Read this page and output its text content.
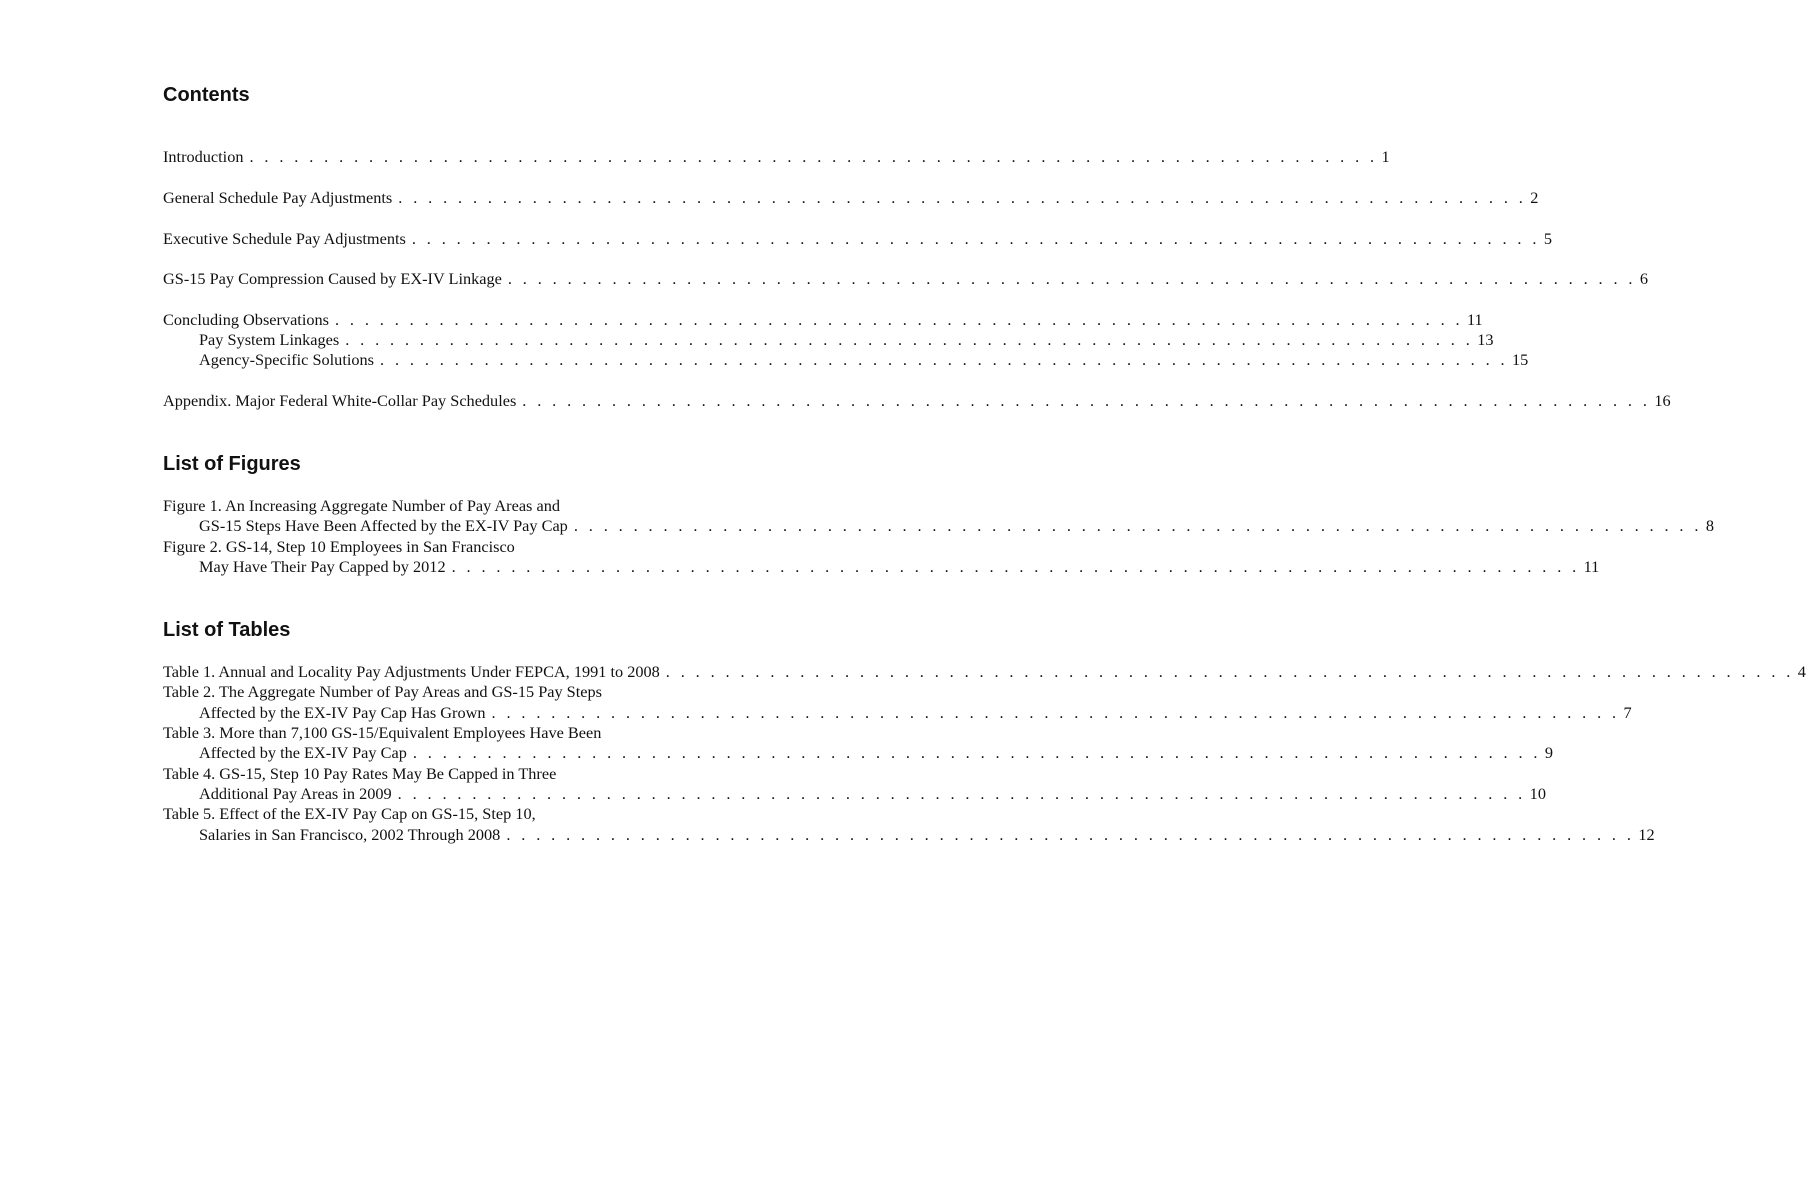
Contents
Introduction . . . . . . . . . . . . . . . . . . . . . . . . . . . . . . . . . . . . . . . . . . . . . . . . . . . . . . . . . . . . . . . . . . . . . . . . . . . . 1
General Schedule Pay Adjustments . . . . . . . . . . . . . . . . . . . . . . . . . . . . . . . . . . . . . . . . . . . . . . . . . . . . . . . . . . . . . . . . . . . . . . . . . . . . 2
Executive Schedule Pay Adjustments . . . . . . . . . . . . . . . . . . . . . . . . . . . . . . . . . . . . . . . . . . . . . . . . . . . . . . . . . . . . . . . . . . . . . . . . . . . . 5
GS-15 Pay Compression Caused by EX-IV Linkage . . . . . . . . . . . . . . . . . . . . . . . . . . . . . . . . . . . . . . . . . . . . . . . . . . . . . . . . . . . . . . . . . . . . . . . . . . . . 6
Concluding Observations . . . . . . . . . . . . . . . . . . . . . . . . . . . . . . . . . . . . . . . . . . . . . . . . . . . . . . . . . . . . . . . . . . . . . . . . . . . . 11
Pay System Linkages . . . . . . . . . . . . . . . . . . . . . . . . . . . . . . . . . . . . . . . . . . . . . . . . . . . . . . . . . . . . . . . . . . . . . . . . . . . . 13
Agency-Specific Solutions . . . . . . . . . . . . . . . . . . . . . . . . . . . . . . . . . . . . . . . . . . . . . . . . . . . . . . . . . . . . . . . . . . . . . . . . . . . . 15
Appendix. Major Federal White-Collar Pay Schedules . . . . . . . . . . . . . . . . . . . . . . . . . . . . . . . . . . . . . . . . . . . . . . . . . . . . . . . . . . . . . . . . . . . . . . . . . . . . 16
List of Figures
Figure 1. An Increasing Aggregate Number of Pay Areas and
GS-15 Steps Have Been Affected by the EX-IV Pay Cap . . . . . . . . . . . . . . . . . . . . . . . . . . . . . . . . . . . . . . . . . . . . . . . . . . . . . . . . . . . . . . . . . . . . . . . . . . . . 8
Figure 2. GS-14, Step 10 Employees in San Francisco
May Have Their Pay Capped by 2012 . . . . . . . . . . . . . . . . . . . . . . . . . . . . . . . . . . . . . . . . . . . . . . . . . . . . . . . . . . . . . . . . . . . . . . . . . . . . 11
List of Tables
Table 1. Annual and Locality Pay Adjustments Under FEPCA, 1991 to 2008 . . . . . . . . . . . . . . . . . . . . . . . . . . . . . . . . . . . . . . . . . . . . . . . . . . . . . . . . . . . . . . . . . . . . . . . . . . . . 4
Table 2. The Aggregate Number of Pay Areas and GS-15 Pay Steps
Affected by the EX-IV Pay Cap Has Grown . . . . . . . . . . . . . . . . . . . . . . . . . . . . . . . . . . . . . . . . . . . . . . . . . . . . . . . . . . . . . . . . . . . . . . . . . . . . 7
Table 3. More than 7,100 GS-15/Equivalent Employees Have Been
Affected by the EX-IV Pay Cap . . . . . . . . . . . . . . . . . . . . . . . . . . . . . . . . . . . . . . . . . . . . . . . . . . . . . . . . . . . . . . . . . . . . . . . . . . . . 9
Table 4. GS-15, Step 10 Pay Rates May Be Capped in Three
Additional Pay Areas in 2009 . . . . . . . . . . . . . . . . . . . . . . . . . . . . . . . . . . . . . . . . . . . . . . . . . . . . . . . . . . . . . . . . . . . . . . . . . . . . 10
Table 5. Effect of the EX-IV Pay Cap on GS-15, Step 10,
Salaries in San Francisco, 2002 Through 2008 . . . . . . . . . . . . . . . . . . . . . . . . . . . . . . . . . . . . . . . . . . . . . . . . . . . . . . . . . . . . . . . . . . . . . . . . . . . . 12
